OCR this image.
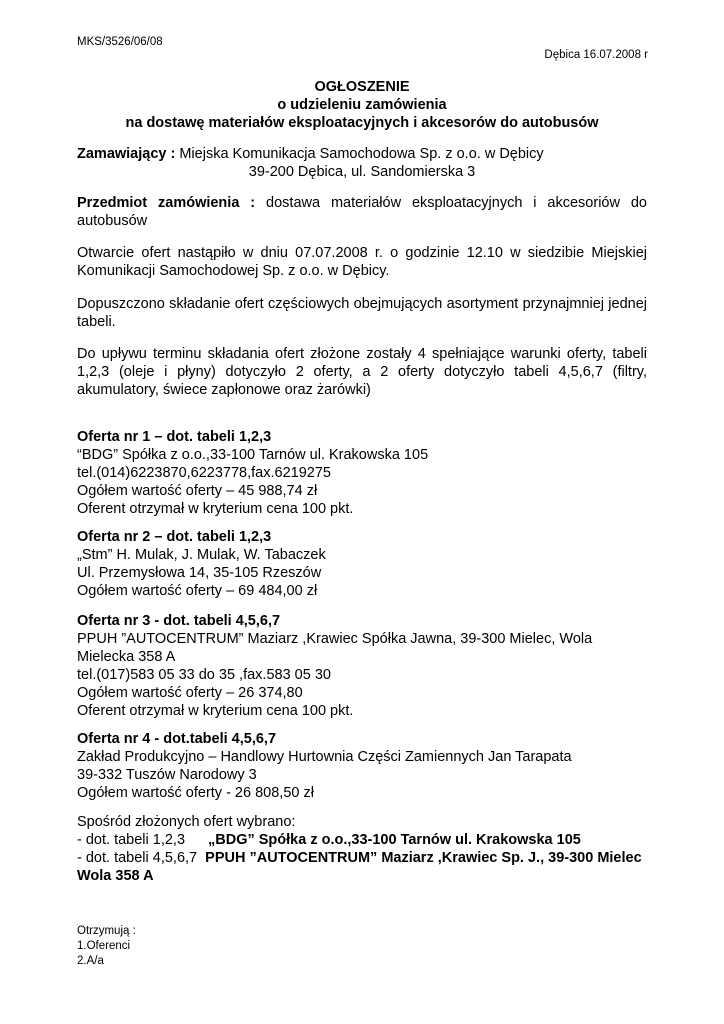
MKS/3526/06/08
Dębica 16.07.2008 r
OGŁOSZENIE
o udzieleniu zamówienia
na dostawę materiałów eksploatacyjnych i akcesorów do autobusów
Zamawiający : Miejska Komunikacja Samochodowa Sp. z o.o. w Dębicy
39-200 Dębica, ul. Sandomierska 3
Przedmiot zamówienia : dostawa materiałów eksploatacyjnych i akcesoriów do autobusów
Otwarcie ofert nastąpiło w dniu 07.07.2008 r. o godzinie 12.10 w siedzibie Miejskiej Komunikacji Samochodowej Sp. z o.o. w Dębicy.
Dopuszczono składanie ofert częściowych obejmujących asortyment przynajmniej jednej tabeli.
Do upływu terminu składania ofert złożone zostały 4 spełniające warunki oferty, tabeli 1,2,3 (oleje i płyny) dotyczyło 2 oferty, a 2 oferty dotyczyło tabeli 4,5,6,7 (filtry, akumulatory, świece zapłonowe oraz żarówki)
Oferta nr 1 – dot. tabeli 1,2,3
“BDG” Spółka z o.o.,33-100 Tarnów ul. Krakowska 105
tel.(014)6223870,6223778,fax.6219275
Ogółem wartość oferty – 45 988,74 zł
Oferent otrzymał w kryterium cena 100 pkt.
Oferta nr 2 – dot. tabeli 1,2,3
„Stm” H. Mulak, J. Mulak, W. Tabaczek
Ul. Przemysłowa 14, 35-105 Rzeszów
Ogółem wartość oferty – 69 484,00 zł
Oferta nr 3 - dot. tabeli 4,5,6,7
PPUH ”AUTOCENTRUM” Maziarz ,Krawiec Spółka Jawna, 39-300 Mielec, Wola Mielecka 358 A
tel.(017)583 05 33 do 35 ,fax.583 05 30
Ogółem wartość oferty – 26 374,80
Oferent otrzymał w kryterium cena 100 pkt.
Oferta nr 4 - dot.tabeli 4,5,6,7
Zakład Produkcyjno – Handlowy Hurtownia Części Zamiennych Jan Tarapata
39-332 Tuszów Narodowy 3
Ogółem wartość oferty - 26 808,50 zł
Spośród złożonych ofert wybrano:
- dot. tabeli 1,2,3 „BDG” Spółka z o.o.,33-100 Tarnów ul. Krakowska 105
- dot. tabeli 4,5,6,7 PPUH ”AUTOCENTRUM” Maziarz ,Krawiec Sp. J., 39-300 Mielec Wola 358 A
Otrzymują :
1.Oferenci
2.A/a
